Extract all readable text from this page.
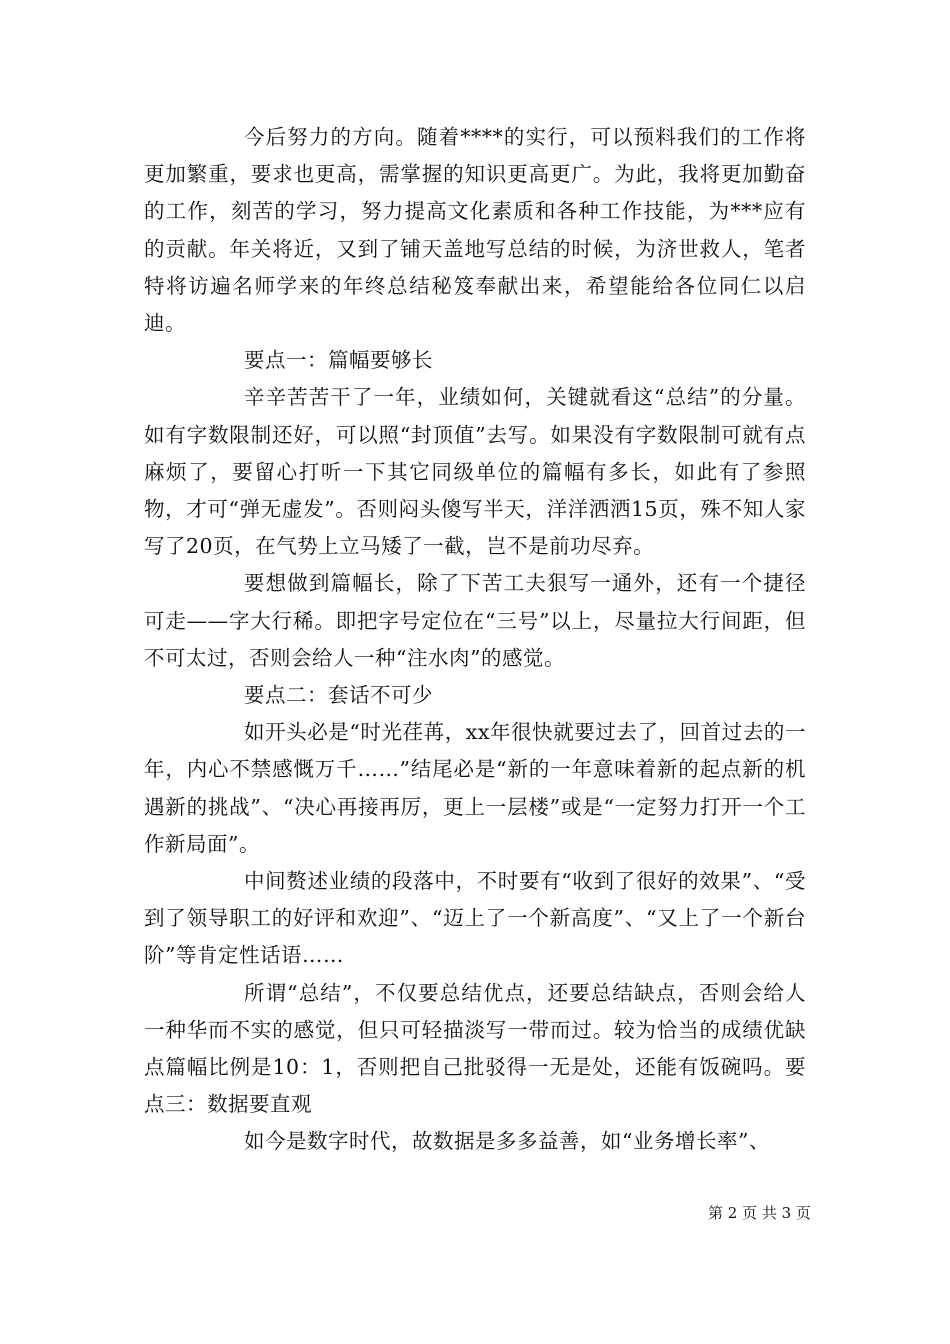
今后努力的方向。随着****的实行，可以预料我们的工作将更加繁重，要求也更高，需掌握的知识更高更广。为此，我将更加勤奋的工作，刻苦的学习，努力提高文化素质和各种工作技能，为***应有的贡献。年关将近，又到了铺天盖地写总结的时候，为济世救人，笔者特将访遍名师学来的年终总结秘笈奉献出来，希望能给各位同仁以启迪。

要点一：篇幅要够长

辛辛苦苦干了一年，业绩如何，关键就看这“总结”的分量。如有字数限制还好，可以照“封顶值”去写。如果没有字数限制可就有点麻烦了，要留心打听一下其它同级单位的篇幅有多长，如此有了参照物，才可“弹无虚发”。否则闷头傻写半天，洋洋洒洒15页，殊不知人家写了20页，在气势上立马矮了一截，岂不是前功尽弃。

要想做到篇幅长，除了下苦工夫狠写一通外，还有一个捷径可走——字大行稀。即把字号定位在“三号”以上，尽量拉大行间距，但不可太过，否则会给人一种“注水肉”的感觉。

要点二：套话不可少

如开头必是“时光荏苒，xx年很快就要过去了，回首过去的一年，内心不禁感慨万千……”结尾必是“新的一年意味着新的起点新的机遇新的挑战”、“决心再接再厉，更上一层楼”或是“一定努力打开一个工作新局面”。

中间赘述业绩的段落中，不时要有“收到了很好的效果”、“受到了领导职工的好评和欢迎”、“迈上了一个新高度”、“又上了一个新台阶”等肯定性话语……

所谓“总结”，不仅要总结优点，还要总结缺点，否则会给人一种华而不实的感觉，但只可轻描淡写一带而过。较为恰当的成绩优缺点篇幅比例是10：1，否则把自己批驳得一无是处，还能有饭碗吗。要点三：数据要直观

如今是数字时代，故数据是多多益善，如“业务增长率”、

第 2 页 共 3 页
